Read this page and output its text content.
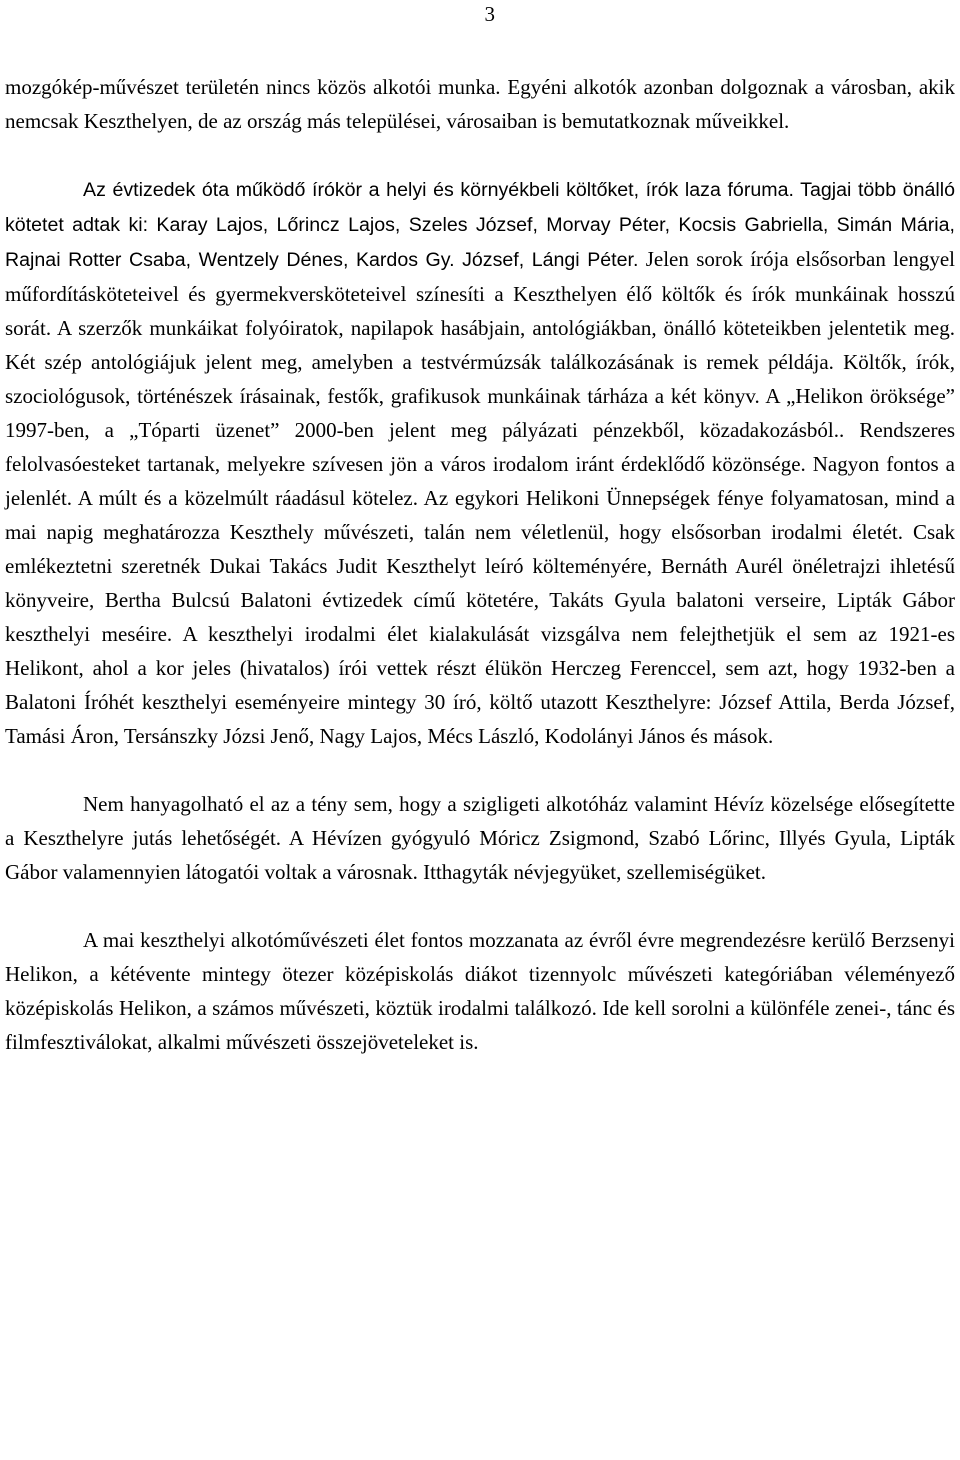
3

mozgókép-művészet területén nincs közös alkotói munka. Egyéni alkotók azonban dolgoznak a városban, akik nemcsak Keszthelyen, de az ország más települései, városaiban is bemutatkoznak műveikkel.

Az évtizedek óta működő írókör a helyi és környékbeli költőket, írók laza fóruma. Tagjai több önálló kötetet adtak ki: Karay Lajos, Lőrincz Lajos, Szeles József, Morvay Péter, Kocsis Gabriella, Simán Mária, Rajnai Rotter Csaba, Wentzely Dénes, Kardos Gy. József, Lángi Péter. Jelen sorok írója elsősorban lengyel műfordításköteteivel és gyermekversköteteivel színesíti a Keszthelyen élő költők és írók munkáinak hosszú sorát. A szerzők munkáikat folyóiratok, napilapok hasábjain, antológiákban, önálló köteteikben jelentetik meg. Két szép antológiájuk jelent meg, amelyben a testvérmúzsák találkozásának is remek példája. Költők, írók, szociológusok, történészek írásainak, festők, grafikusok munkáinak tárháza a két könyv. A „Helikon öröksége” 1997-ben, a „Tóparti üzenet” 2000-ben jelent meg pályázati pénzekből, közadakozásból.. Rendszeres felolvasóesteket tartanak, melyekre szívesen jön a város irodalom iránt érdeklődő közönsége. Nagyon fontos a jelenlét. A múlt és a közelmúlt ráadásul kötelez. Az egykori Helikoni Ünnepségek fénye folyamatosan, mind a mai napig meghatározza Keszthely művészeti, talán nem véletlenül, hogy elsősorban irodalmi életét. Csak emlékeztetni szeretnék Dukai Takács Judit Keszthelyt leíró költeményére, Bernáth Aurél önéletrajzi ihletésű könyveire, Bertha Bulcsú Balatoni évtizedek című kötetére, Takáts Gyula balatoni verseire, Lipták Gábor keszthelyi meséire. A keszthelyi irodalmi élet kialakulását vizsgálva nem felejthetjük el sem az 1921-es Helikont, ahol a kor jeles (hivatalos) írói vettek részt élükön Herczeg Ferenccel, sem azt, hogy 1932-ben a Balatoni Íróhét keszthelyi eseményeire mintegy 30 író, költő utazott Keszthelyre: József Attila, Berda József, Tamási Áron, Tersánszky Józsi Jenő, Nagy Lajos, Mécs László, Kodolányi János és mások.

Nem hanyagolható el az a tény sem, hogy a szigligeti alkotóház valamint Hévíz közelsége elősegítette a Keszthelyre jutás lehetőségét. A Hévízen gyógyuló Móricz Zsigmond, Szabó Lőrinc, Illyés Gyula, Lipták Gábor valamennyien látogatói voltak a városnak. Itthagyták névjegyüket, szellemiségüket.

A mai keszthelyi alkotóművészeti élet fontos mozzanata az évről évre megrendezésre kerülő Berzsenyi Helikon, a kétévente mintegy ötezer középiskolás diákot tizennyolc művészeti kategóriában véleményező középiskolás Helikon, a számos művészeti, köztük irodalmi találkozó. Ide kell sorolni a különféle zenei-, tánc és filmfesztiválokat, alkalmi művészeti összejöveteleket is.
